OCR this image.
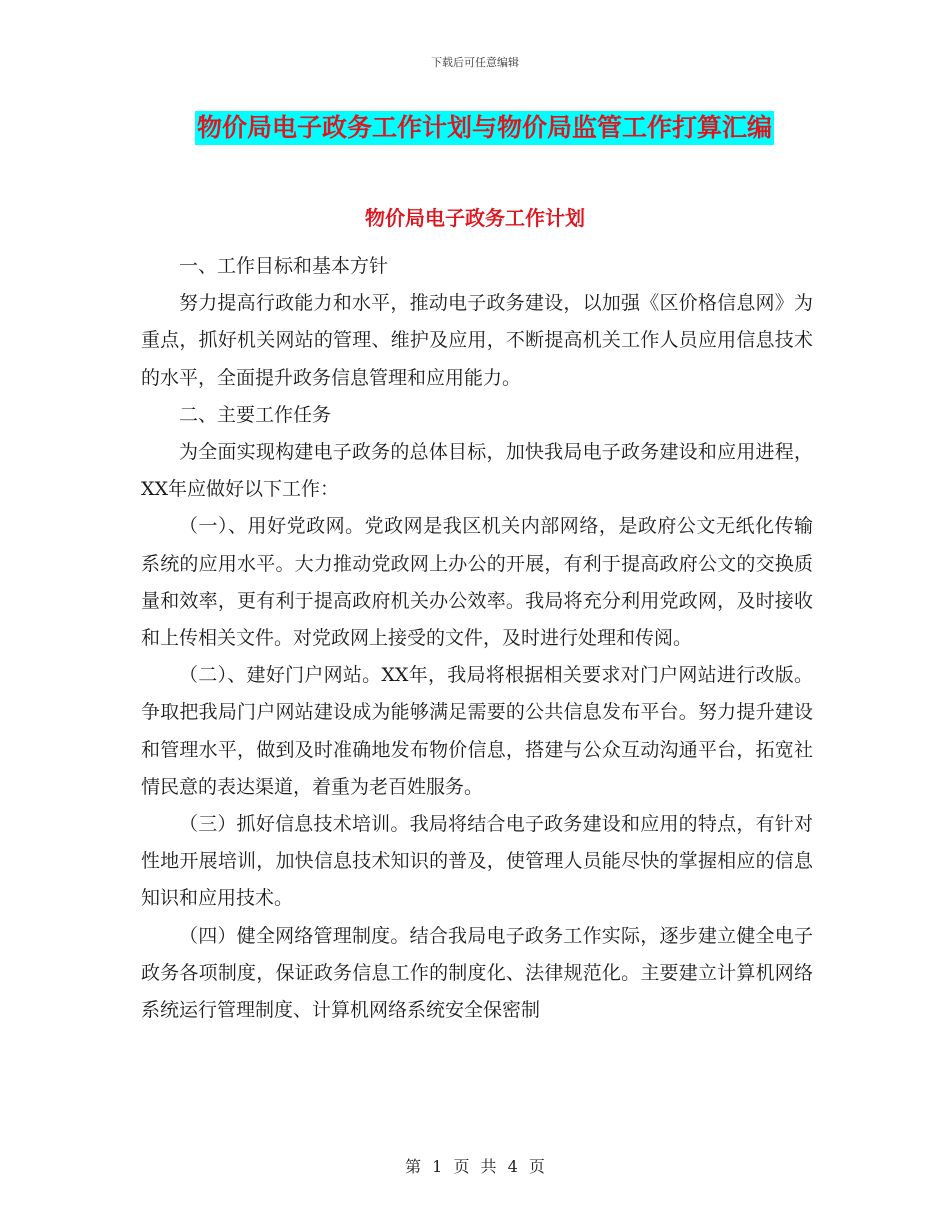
下载后可任意编辑
物价局电子政务工作计划与物价局监管工作打算汇编
物价局电子政务工作计划

一、工作目标和基本方针

努力提高行政能力和水平，推动电子政务建设，以加强《区价格信息网》为重点，抓好机关网站的管理、维护及应用，不断提高机关工作人员应用信息技术的水平，全面提升政务信息管理和应用能力。

二、主要工作任务

为全面实现构建电子政务的总体目标，加快我局电子政务建设和应用进程，XX年应做好以下工作：

（一）、用好党政网。党政网是我区机关内部网络，是政府公文无纸化传输系统的应用水平。大力推动党政网上办公的开展，有利于提高政府公文的交换质量和效率，更有利于提高政府机关办公效率。我局将充分利用党政网，及时接收和上传相关文件。对党政网上接受的文件，及时进行处理和传阅。

（二）、建好门户网站。XX年，我局将根据相关要求对门户网站进行改版。争取把我局门户网站建设成为能够满足需要的公共信息发布平台。努力提升建设和管理水平，做到及时准确地发布物价信息，搭建与公众互动沟通平台，拓宽社情民意的表达渠道，着重为老百姓服务。

（三）抓好信息技术培训。我局将结合电子政务建设和应用的特点，有针对性地开展培训，加快信息技术知识的普及，使管理人员能尽快的掌握相应的信息知识和应用技术。

（四）健全网络管理制度。结合我局电子政务工作实际，逐步建立健全电子政务各项制度，保证政务信息工作的制度化、法律规范化。主要建立计算机网络系统运行管理制度、计算机网络系统安全保密制

第 1 页 共 4 页
